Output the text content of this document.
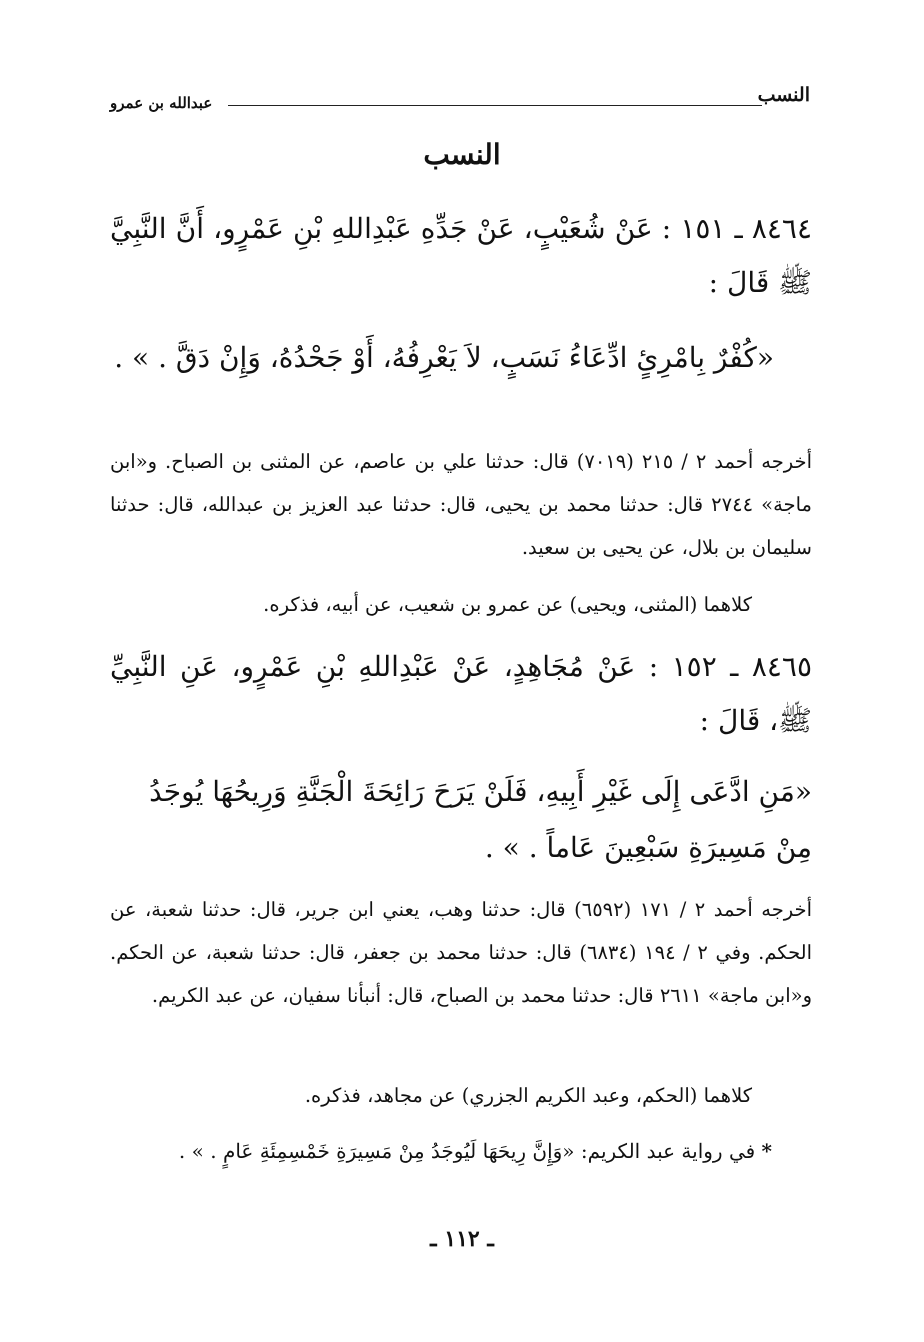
النسب
عبدالله بن عمرو
النسب
٨٤٦٤ ـ ١٥١ : عَنْ شُعَيْبٍ، عَنْ جَدِّهِ عَبْدِاللهِ بْنِ عَمْرٍو، أَنَّ النَّبِيَّ ﷺ قَالَ :
«كُفْرٌ بِامْرِئٍ ادِّعَاءُ نَسَبٍ، لاَ يَعْرِفُهُ، أَوْ جَحْدُهُ، وَإِنْ دَقَّ . » .
أخرجه أحمد ٢ / ٢١٥ (٧٠١٩) قال: حدثنا علي بن عاصم، عن المثنى بن الصباح. و«ابن ماجة» ٢٧٤٤ قال: حدثنا محمد بن يحيى، قال: حدثنا عبد العزيز بن عبدالله، قال: حدثنا سليمان بن بلال، عن يحيى بن سعيد.
كلاهما (المثنى، ويحيى) عن عمرو بن شعيب، عن أبيه، فذكره.
٨٤٦٥ ـ ١٥٢ : عَنْ مُجَاهِدٍ، عَنْ عَبْدِاللهِ بْنِ عَمْرٍو، عَنِ النَّبِيِّ ﷺ، قَالَ :
«مَنِ ادَّعَى إِلَى غَيْرِ أَبِيهِ، فَلَنْ يَرَحَ رَائِحَةَ الْجَنَّةِ وَرِيحُهَا يُوجَدُ مِنْ مَسِيرَةِ سَبْعِينَ عَاماً . » .
أخرجه أحمد ٢ / ١٧١ (٦٥٩٢) قال: حدثنا وهب، يعني ابن جرير، قال: حدثنا شعبة، عن الحكم. وفي ٢ / ١٩٤ (٦٨٣٤) قال: حدثنا محمد بن جعفر، قال: حدثنا شعبة، عن الحكم. و«ابن ماجة» ٢٦١١ قال: حدثنا محمد بن الصباح، قال: أنبأنا سفيان، عن عبد الكريم.
كلاهما (الحكم، وعبد الكريم الجزري) عن مجاهد، فذكره.
* في رواية عبد الكريم: «وَإِنَّ رِيحَهَا لَيُوجَدُ مِنْ مَسِيرَةِ خَمْسِمِئَةِ عَامٍ . » .
ـ ١١٢ ـ
